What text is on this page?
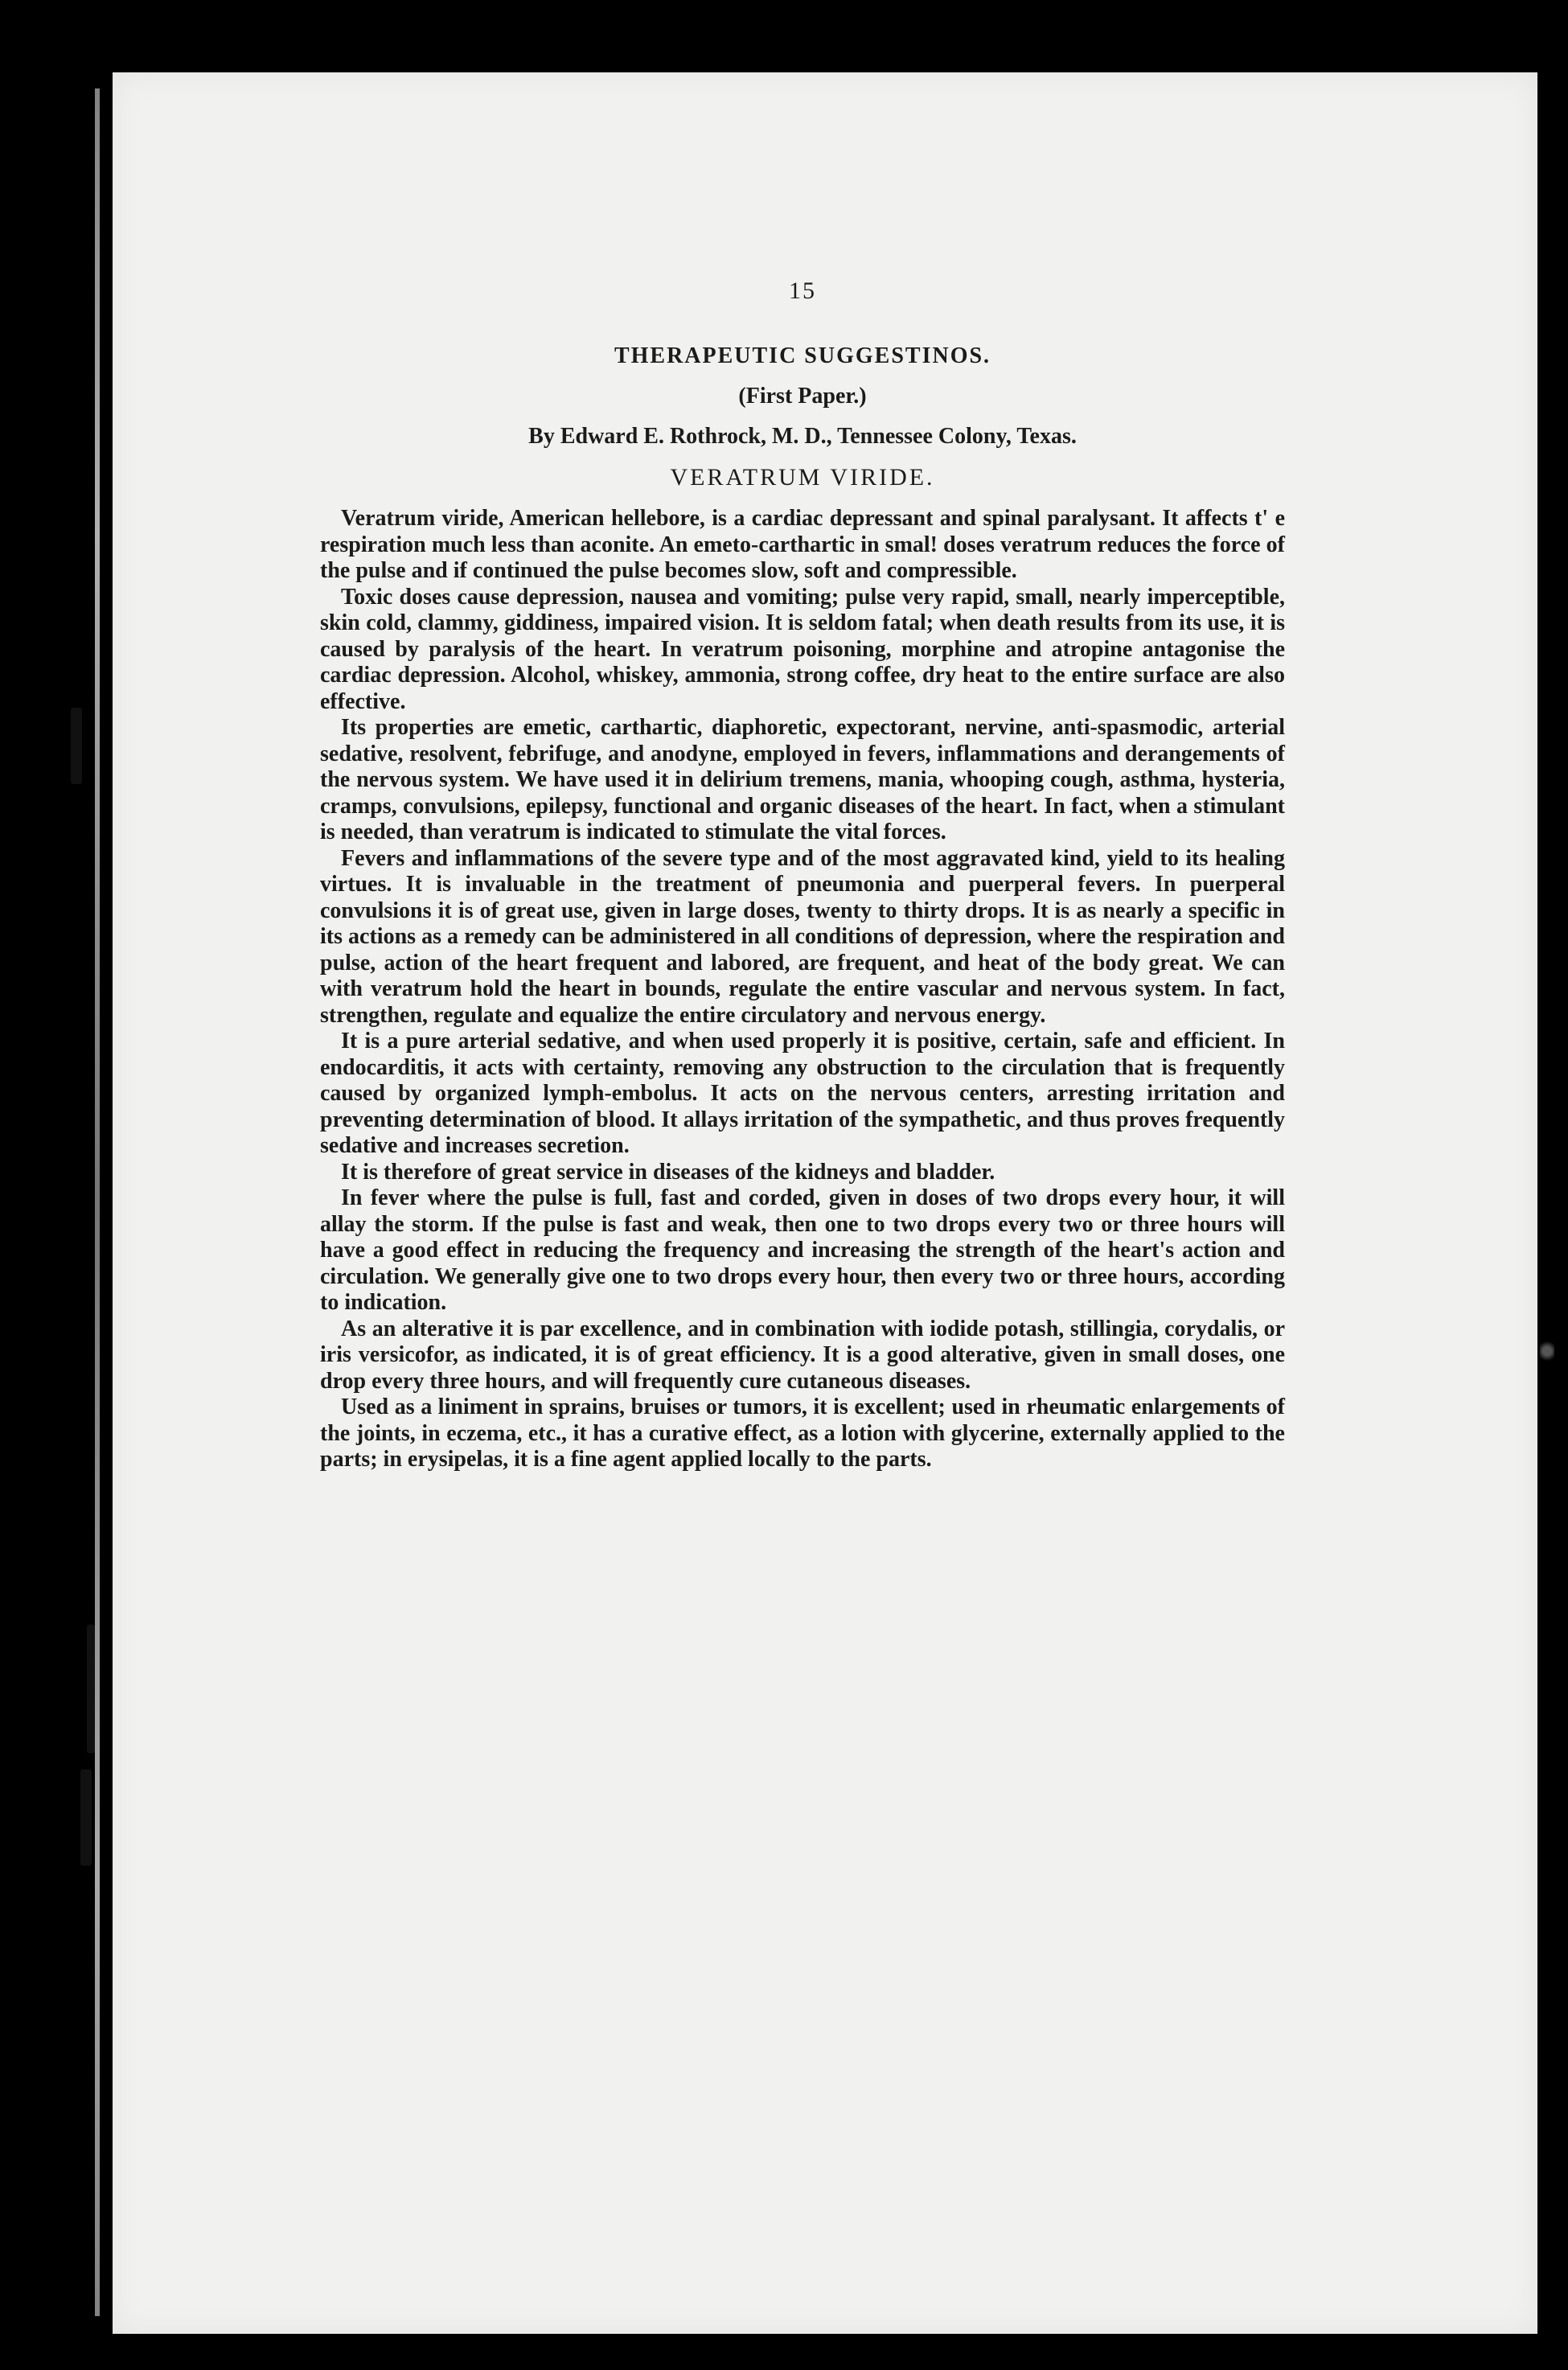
15
THERAPEUTIC SUGGESTINOS.
(First Paper.)
By Edward E. Rothrock, M. D., Tennessee Colony, Texas.
VERATRUM VIRIDE.

Veratrum viride, American hellebore, is a cardiac depressant and spinal paralysant. It affects t' e respiration much less than aconite. An emeto-carthartic in smal! doses veratrum reduces the force of the pulse and if continued the pulse becomes slow, soft and compressible.

Toxic doses cause depression, nausea and vomiting; pulse very rapid, small, nearly imperceptible, skin cold, clammy, giddiness, impaired vision. It is seldom fatal; when death results from its use, it is caused by paralysis of the heart. In veratrum poisoning, morphine and atropine antagonise the cardiac depression. Alcohol, whiskey, ammonia, strong coffee, dry heat to the entire surface are also effective.

Its properties are emetic, carthartic, diaphoretic, expectorant, nervine, anti-spasmodic, arterial sedative, resolvent, febrifuge, and anodyne, employed in fevers, inflammations and derangements of the nervous system. We have used it in delirium tremens, mania, whooping cough, asthma, hysteria, cramps, convulsions, epilepsy, functional and organic diseases of the heart. In fact, when a stimulant is needed, than veratrum is indicated to stimulate the vital forces.

Fevers and inflammations of the severe type and of the most aggravated kind, yield to its healing virtues. It is invaluable in the treatment of pneumonia and puerperal fevers. In puerperal convulsions it is of great use, given in large doses, twenty to thirty drops. It is as nearly a specific in its actions as a remedy can be administered in all conditions of depression, where the respiration and pulse, action of the heart frequent and labored, are frequent, and heat of the body great. We can with veratrum hold the heart in bounds, regulate the entire vascular and nervous system. In fact, strengthen, regulate and equalize the entire circulatory and nervous energy.

It is a pure arterial sedative, and when used properly it is positive, certain, safe and efficient. In endocarditis, it acts with certainty, removing any obstruction to the circulation that is frequently caused by organized lymph-embolus. It acts on the nervous centers, arresting irritation and preventing determination of blood. It allays irritation of the sympathetic, and thus proves frequently sedative and increases secretion.

It is therefore of great service in diseases of the kidneys and bladder.

In fever where the pulse is full, fast and corded, given in doses of two drops every hour, it will allay the storm. If the pulse is fast and weak, then one to two drops every two or three hours will have a good effect in reducing the frequency and increasing the strength of the heart's action and circulation. We generally give one to two drops every hour, then every two or three hours, according to indication.

As an alterative it is par excellence, and in combination with iodide potash, stillingia, corydalis, or iris versicofor, as indicated, it is of great efficiency. It is a good alterative, given in small doses, one drop every three hours, and will frequently cure cutaneous diseases.

Used as a liniment in sprains, bruises or tumors, it is excellent; used in rheumatic enlargements of the joints, in eczema, etc., it has a curative effect, as a lotion with glycerine, externally applied to the parts; in erysipelas, it is a fine agent applied locally to the parts.
